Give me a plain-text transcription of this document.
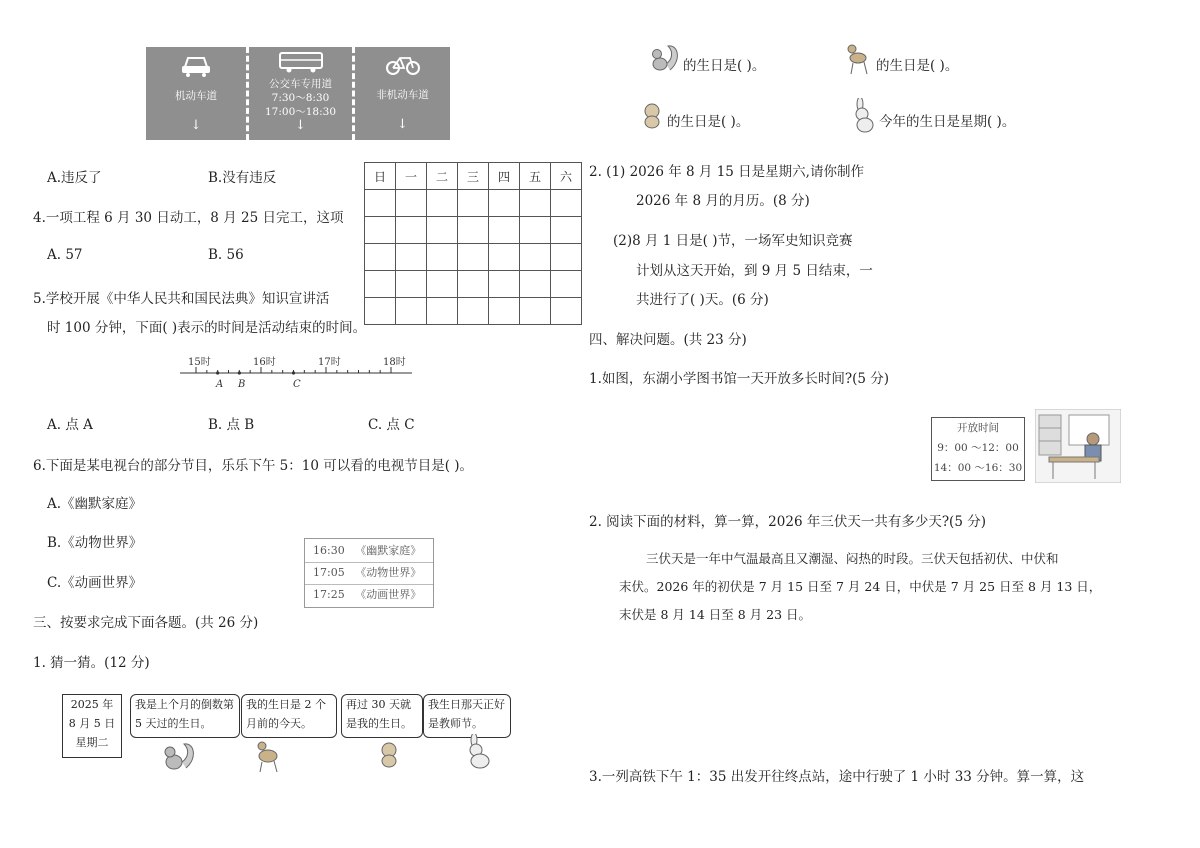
机动车道
↓
公交车专用道
7:30～8:30
17:00～18:30
↓
非机动车道
↓
A.违反了	B.没有违反
4.一项工程 6 月 30 日动工，8 月 25 日完工，这项
A. 57	B. 56
5.学校开展《中华人民共和国民法典》知识宣讲活
时 100 分钟，下面( )表示的时间是活动结束的时间。
15时	16时	17时	18时
A B	C
A. 点 A	B. 点 B	C. 点 C
6.下面是某电视台的部分节目，乐乐下午 5：10 可以看的电视节目是( )。
A.《幽默家庭》
B.《动物世界》
C.《动画世界》
16:30 《幽默家庭》
17:05 《动物世界》
17:25 《动画世界》
三、按要求完成下面各题。(共 26 分)
1. 猜一猜。(12 分)
2025 年
8 月 5 日
星期二
我是上个月的倒数第 5 天过的生日。
我的生日是 2 个月前的今天。
再过 30 天就是我的生日。
我生日那天正好是教师节。
日	一	二	三	四	五	六

的生日是( )。	的生日是( )。
的生日是( )。	今年的生日是星期( )。
2. (1) 2026 年 8 月 15 日是星期六,请你制作
2026 年 8 月的月历。(8 分)
(2)8 月 1 日是( )节，一场军史知识竞赛
计划从这天开始，到 9 月 5 日结束，一
共进行了( )天。(6 分)
四、解决问题。(共 23 分)
1.如图，东湖小学图书馆一天开放多长时间?(5 分)
开放时间
9：00 ～12：00
14：00 ～16：30
2. 阅读下面的材料，算一算，2026 年三伏天一共有多少天?(5 分)
三伏天是一年中气温最高且又潮湿、闷热的时段。三伏天包括初伏、中伏和
末伏。2026 年的初伏是 7 月 15 日至 7 月 24 日，中伏是 7 月 25 日至 8 月 13 日，
末伏是 8 月 14 日至 8 月 23 日。
3.一列高铁下午 1：35 出发开往终点站，途中行驶了 1 小时 33 分钟。算一算，这
